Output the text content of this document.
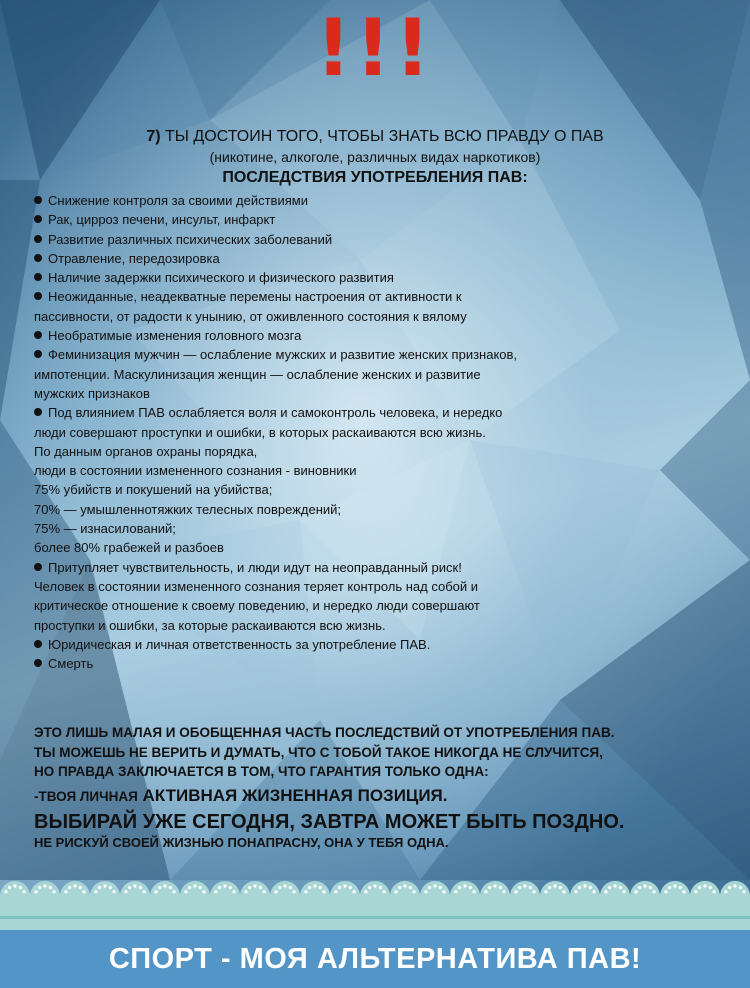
!!!
7) ТЫ ДОСТОИН ТОГО, ЧТОБЫ ЗНАТЬ ВСЮ ПРАВДУ О ПАВ
(никотине, алкоголе, различных видах наркотиков)
ПОСЛЕДСТВИЯ УПОТРЕБЛЕНИЯ ПАВ:
Снижение контроля за своими действиями
Рак, цирроз печени, инсульт, инфаркт
Развитие различных психических заболеваний
Отравление, передозировка
Наличие задержки психического и физического развития
Неожиданные, неадекватные перемены настроения от активности к
пассивности, от радости к унынию, от оживленного состояния к вялому
Необратимые изменения головного мозга
Феминизация мужчин — ослабление мужских и развитие женских признаков,
импотенции. Маскулинизация женщин — ослабление женских и развитие
мужских признаков
Под влиянием ПАВ ослабляется воля и самоконтроль человека, и нередко
люди совершают проступки и ошибки, в которых раскаиваются всю жизнь.
По данным органов охраны порядка,
люди в состоянии измененного сознания - виновники
75% убийств и покушений на убийства;
70% — умышленнотяжких телесных повреждений;
75% — изнасилований;
более 80% грабежей и разбоев
Притупляет чувствительность, и люди идут на неоправданный риск!
Человек в состоянии измененного сознания теряет контроль над собой и
критическое отношение к своему поведению, и нередко люди совершают
проступки и ошибки, за которые раскаиваются всю жизнь.
Юридическая и личная ответственность за употребление ПАВ.
Смерть
ЭТО ЛИШЬ МАЛАЯ И ОБОБЩЕННАЯ ЧАСТЬ ПОСЛЕДСТВИЙ ОТ УПОТРЕБЛЕНИЯ ПАВ.
ТЫ МОЖЕШЬ НЕ ВЕРИТЬ И ДУМАТЬ, ЧТО С ТОБОЙ ТАКОЕ НИКОГДА НЕ СЛУЧИТСЯ,
НО ПРАВДА ЗАКЛЮЧАЕТСЯ В ТОМ, ЧТО ГАРАНТИЯ ТОЛЬКО ОДНА:
-ТВОЯ ЛИЧНАЯ АКТИВНАЯ ЖИЗНЕННАЯ ПОЗИЦИЯ.
ВЫБИРАЙ УЖЕ СЕГОДНЯ, ЗАВТРА МОЖЕТ БЫТЬ ПОЗДНО.
НЕ РИСКУЙ СВОЕЙ ЖИЗНЬЮ ПОНАПРАСНУ, ОНА У ТЕБЯ ОДНА.
СПОРТ - МОЯ АЛЬТЕРНАТИВА ПАВ!
